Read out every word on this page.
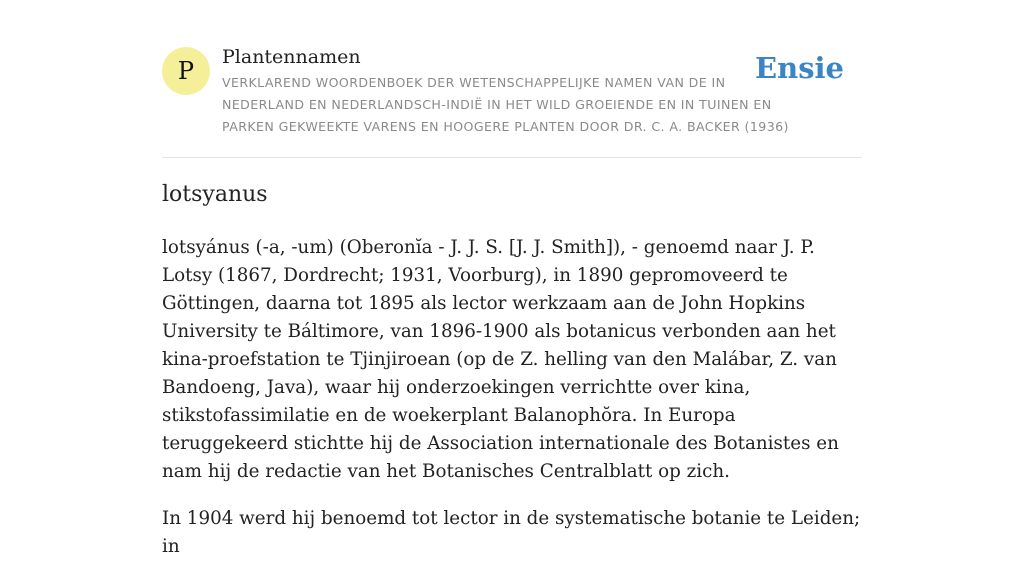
P Plantennamen

VERKLAREND WOORDENBOEK DER WETENSCHAPPELIJKE NAMEN VAN DE IN NEDERLAND EN NEDERLANDSCH-INDIË IN HET WILD GROEIENDE EN IN TUINEN EN PARKEN GEKWEEKTE VARENS EN HOOGERE PLANTEN DOOR DR. C. A. BACKER (1936)

Ensie
lotsyanus

lotsyánus (-a, -um) (Oberonĭa - J. J. S. [J. J. Smith]), - genoemd naar J. P. Lotsy (1867, Dordrecht; 1931, Voorburg), in 1890 gepromoveerd te Göttingen, daarna tot 1895 als lector werkzaam aan de John Hopkins University te Báltimore, van 1896-1900 als botanicus verbonden aan het kina-proefstation te Tjinjiroean (op de Z. helling van den Malábar, Z. van Bandoeng, Java), waar hij onderzoekingen verrichtte over kina, stikstofassimilatie en de woekerplant Balanophŏra. In Europa teruggekeerd stichtte hij de Association internationale des Botanistes en nam hij de redactie van het Botanisches Centralblatt op zich.

In 1904 werd hij benoemd tot lector in de systematische botanie te Leiden; in
